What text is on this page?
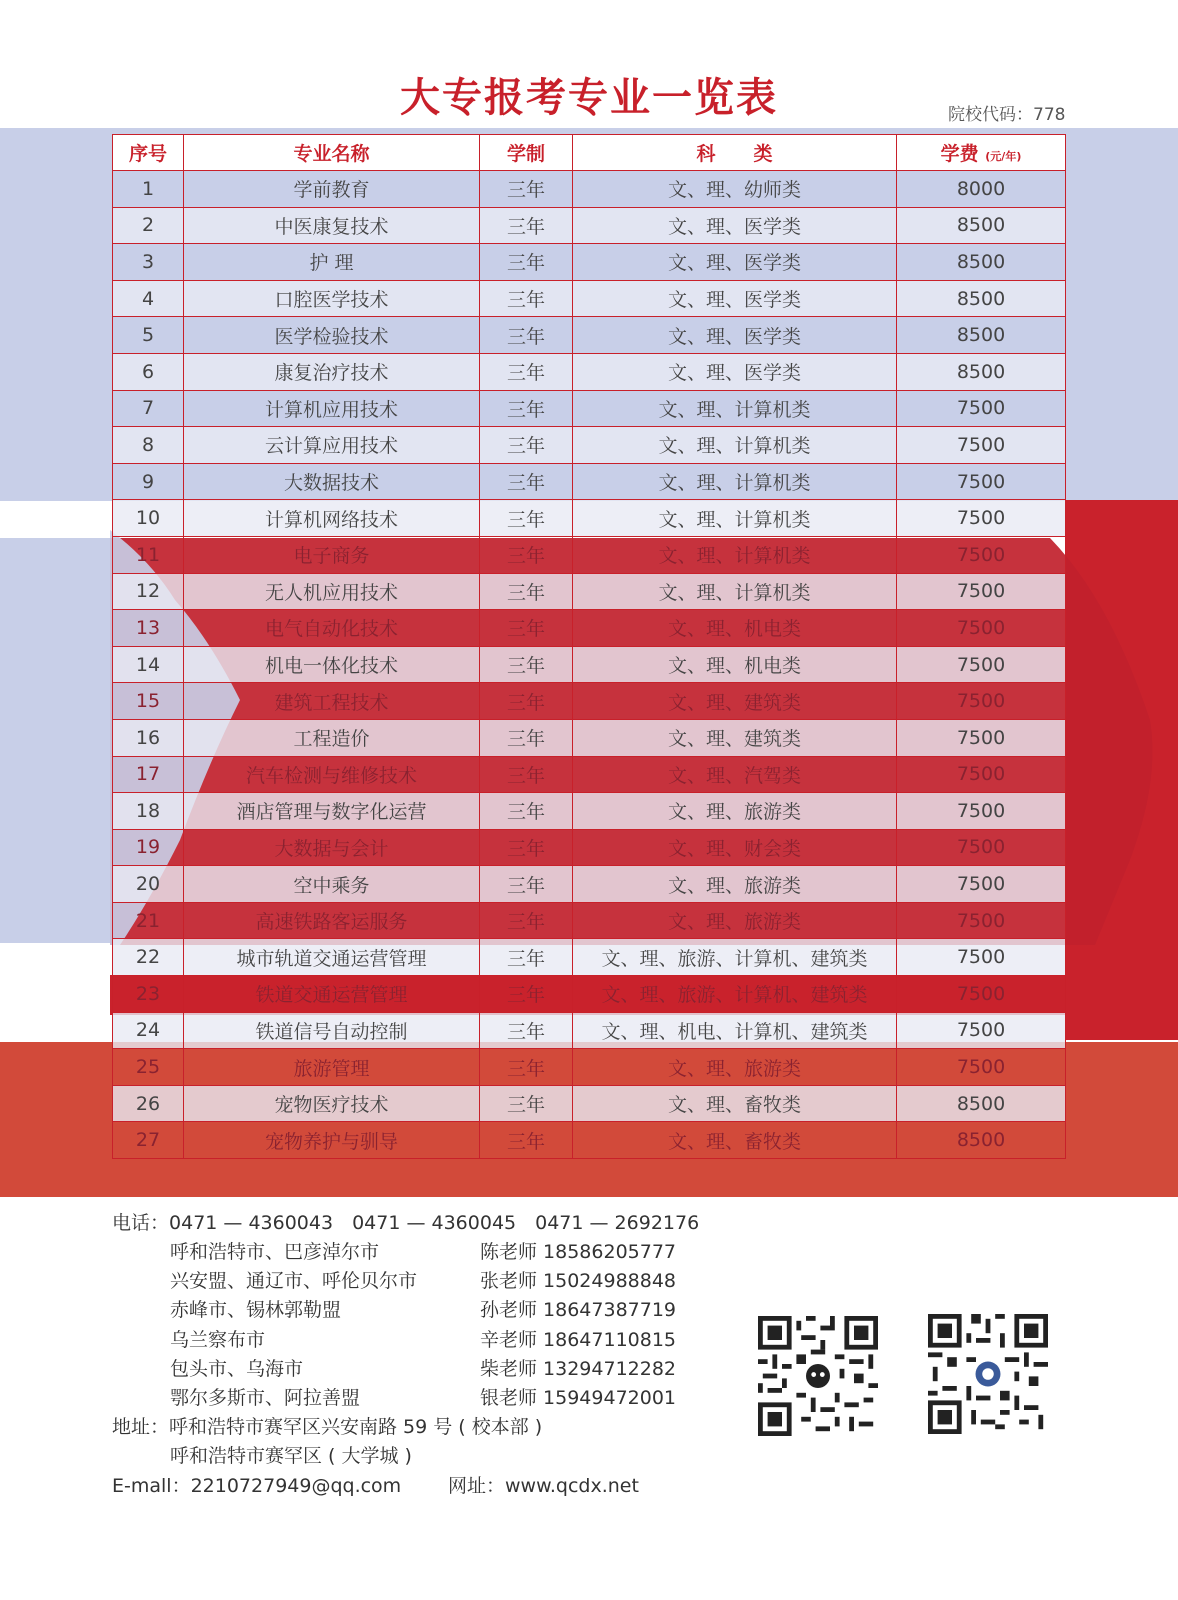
大专报考专业一览表	院校代码：778
序号	专业名称	学制	科　　类	学费 (元/年)
1	学前教育	三年	文、理、幼师类	8000
2	中医康复技术	三年	文、理、医学类	8500
3	护 理	三年	文、理、医学类	8500
4	口腔医学技术	三年	文、理、医学类	8500
5	医学检验技术	三年	文、理、医学类	8500
6	康复治疗技术	三年	文、理、医学类	8500
7	计算机应用技术	三年	文、理、计算机类	7500
8	云计算应用技术	三年	文、理、计算机类	7500
9	大数据技术	三年	文、理、计算机类	7500
10	计算机网络技术	三年	文、理、计算机类	7500
11	电子商务	三年	文、理、计算机类	7500
12	无人机应用技术	三年	文、理、计算机类	7500
13	电气自动化技术	三年	文、理、机电类	7500
14	机电一体化技术	三年	文、理、机电类	7500
15	建筑工程技术	三年	文、理、建筑类	7500
16	工程造价	三年	文、理、建筑类	7500
17	汽车检测与维修技术	三年	文、理、汽驾类	7500
18	酒店管理与数字化运营	三年	文、理、旅游类	7500
19	大数据与会计	三年	文、理、财会类	7500
20	空中乘务	三年	文、理、旅游类	7500
21	高速铁路客运服务	三年	文、理、旅游类	7500
22	城市轨道交通运营管理	三年	文、理、旅游、计算机、建筑类	7500
23	铁道交通运营管理	三年	文、理、旅游、计算机、建筑类	7500
24	铁道信号自动控制	三年	文、理、机电、计算机、建筑类	7500
25	旅游管理	三年	文、理、旅游类	7500
26	宠物医疗技术	三年	文、理、畜牧类	8500
27	宠物养护与驯导	三年	文、理、畜牧类	8500
电话：0471 — 4360043　0471 — 4360045　0471 — 2692176
呼和浩特市、巴彦淖尔市	陈老师 18586205777
兴安盟、通辽市、呼伦贝尔市	张老师 15024988848
赤峰市、锡林郭勒盟	孙老师 18647387719
乌兰察布市	辛老师 18647110815
包头市、乌海市	柴老师 13294712282
鄂尔多斯市、阿拉善盟	银老师 15949472001
地址：呼和浩特市赛罕区兴安南路 59 号 ( 校本部 )
呼和浩特市赛罕区 ( 大学城 )
E-mall：2210727949@qq.com 网址：www.qcdx.net
